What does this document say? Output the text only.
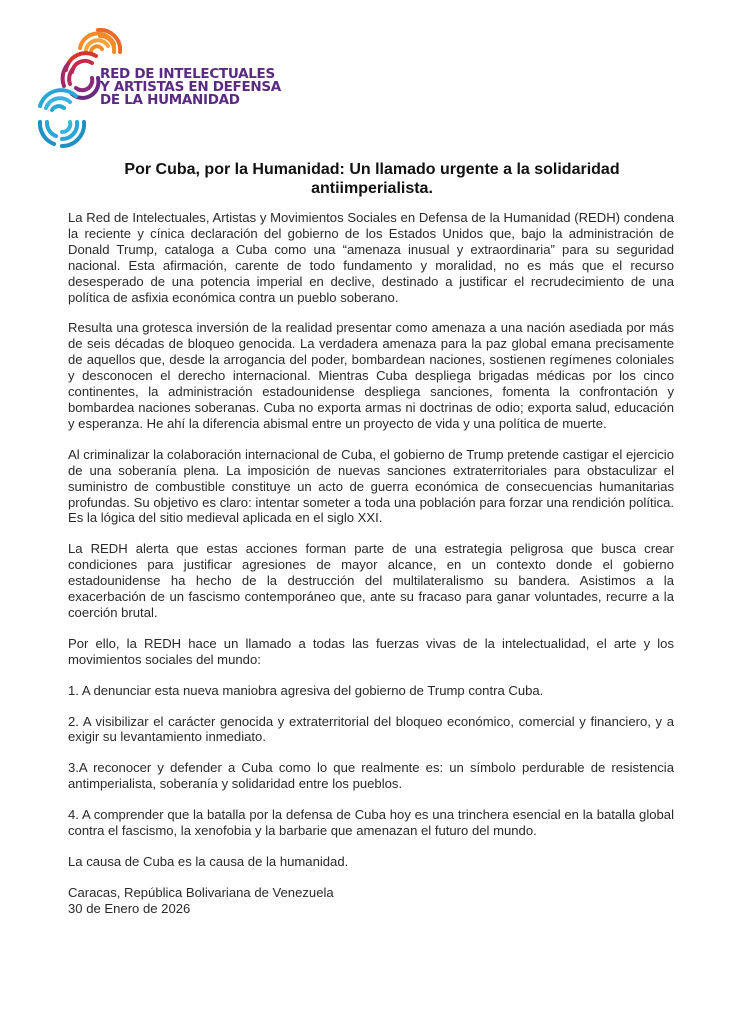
RED DE INTELECTUALES
Y ARTISTAS EN DEFENSA
DE LA HUMANIDAD
Por Cuba, por la Humanidad: Un llamado urgente a la solidaridad antiimperialista.

La Red de Intelectuales, Artistas y Movimientos Sociales en Defensa de la Humanidad (REDH) condena la reciente y cínica declaración del gobierno de los Estados Unidos que, bajo la administración de Donald Trump, cataloga a Cuba como una “amenaza inusual y extraordinaria” para su seguridad nacional. Esta afirmación, carente de todo fundamento y moralidad, no es más que el recurso desesperado de una potencia imperial en declive, destinado a justificar el recrudecimiento de una política de asfixia económica contra un pueblo soberano.

Resulta una grotesca inversión de la realidad presentar como amenaza a una nación asediada por más de seis décadas de bloqueo genocida. La verdadera amenaza para la paz global emana precisamente de aquellos que, desde la arrogancia del poder, bombardean naciones, sostienen regímenes coloniales y desconocen el derecho internacional. Mientras Cuba despliega brigadas médicas por los cinco continentes, la administración estadounidense despliega sanciones, fomenta la confrontación y bombardea naciones soberanas. Cuba no exporta armas ni doctrinas de odio; exporta salud, educación y esperanza. He ahí la diferencia abismal entre un proyecto de vida y una política de muerte.

Al criminalizar la colaboración internacional de Cuba, el gobierno de Trump pretende castigar el ejercicio de una soberanía plena. La imposición de nuevas sanciones extraterritoriales para obstaculizar el suministro de combustible constituye un acto de guerra económica de consecuencias humanitarias profundas. Su objetivo es claro: intentar someter a toda una población para forzar una rendición política. Es la lógica del sitio medieval aplicada en el siglo XXI.

La REDH alerta que estas acciones forman parte de una estrategia peligrosa que busca crear condiciones para justificar agresiones de mayor alcance, en un contexto donde el gobierno estadounidense ha hecho de la destrucción del multilateralismo su bandera. Asistimos a la exacerbación de un fascismo contemporáneo que, ante su fracaso para ganar voluntades, recurre a la coerción brutal.

Por ello, la REDH hace un llamado a todas las fuerzas vivas de la intelectualidad, el arte y los movimientos sociales del mundo:

1. A denunciar esta nueva maniobra agresiva del gobierno de Trump contra Cuba.

2. A visibilizar el carácter genocida y extraterritorial del bloqueo económico, comercial y financiero, y a exigir su levantamiento inmediato.

3.A reconocer y defender a Cuba como lo que realmente es: un símbolo perdurable de resistencia antimperialista, soberanía y solidaridad entre los pueblos.

4. A comprender que la batalla por la defensa de Cuba hoy es una trinchera esencial en la batalla global contra el fascismo, la xenofobia y la barbarie que amenazan el futuro del mundo.

La causa de Cuba es la causa de la humanidad.

Caracas, República Bolivariana de Venezuela
30 de Enero de 2026
